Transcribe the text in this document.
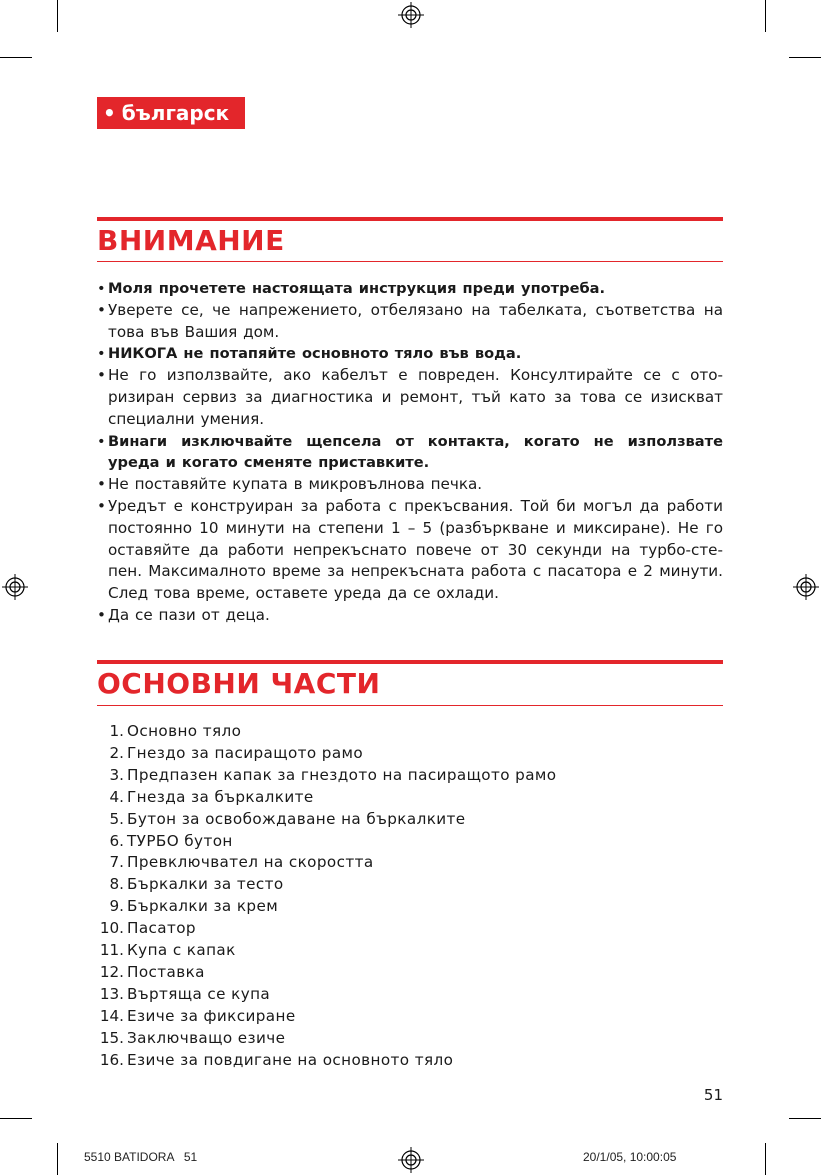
• българск
ВНИМАНИЕ
• Моля прочетете настоящата инструкция преди употреба.
• Уверете се, че напрежението, отбелязано на табелката, съответства на това във Вашия дом.
• НИКОГА не потапяйте основното тяло във вода.
• Не го използвайте, ако кабелът е повреден. Консултирайте се с ото-ризиран сервиз за диагностика и ремонт, тъй като за това се изискват специални умения.
• Винаги изключвайте щепсела от контакта, когато не използвате уреда и когато сменяте приставките.
• Не поставяйте купата в микровълнова печка.
• Уредът е конструиран за работа с прекъсвания. Той би могъл да работи постоянно 10 минути на степени 1 – 5 (разбъркване и миксиране). Не го оставяйте да работи непрекъснато повече от 30 секунди на турбо-сте-пен. Максималното време за непрекъсната работа с пасатора е 2 минути. След това време, оставете уреда да се охлади.
• Да се пази от деца.
ОСНОВНИ ЧАСТИ
1. Основно тяло
2. Гнездо за пасиращото рамо
3. Предпазен капак за гнездото на пасиращото рамо
4. Гнезда за бъркалките
5. Бутон за освобождаване на бъркалките
6. ТУРБО бутон
7. Превключвател на скоростта
8. Бъркалки за тесто
9. Бъркалки за крем
10. Пасатор
11. Купа с капак
12. Поставка
13. Въртяща се купа
14. Езиче за фиксиране
15. Заключващо езиче
16. Езиче за повдигане на основното тяло
51
5510 BATIDORA   51	20/1/05, 10:00:05
